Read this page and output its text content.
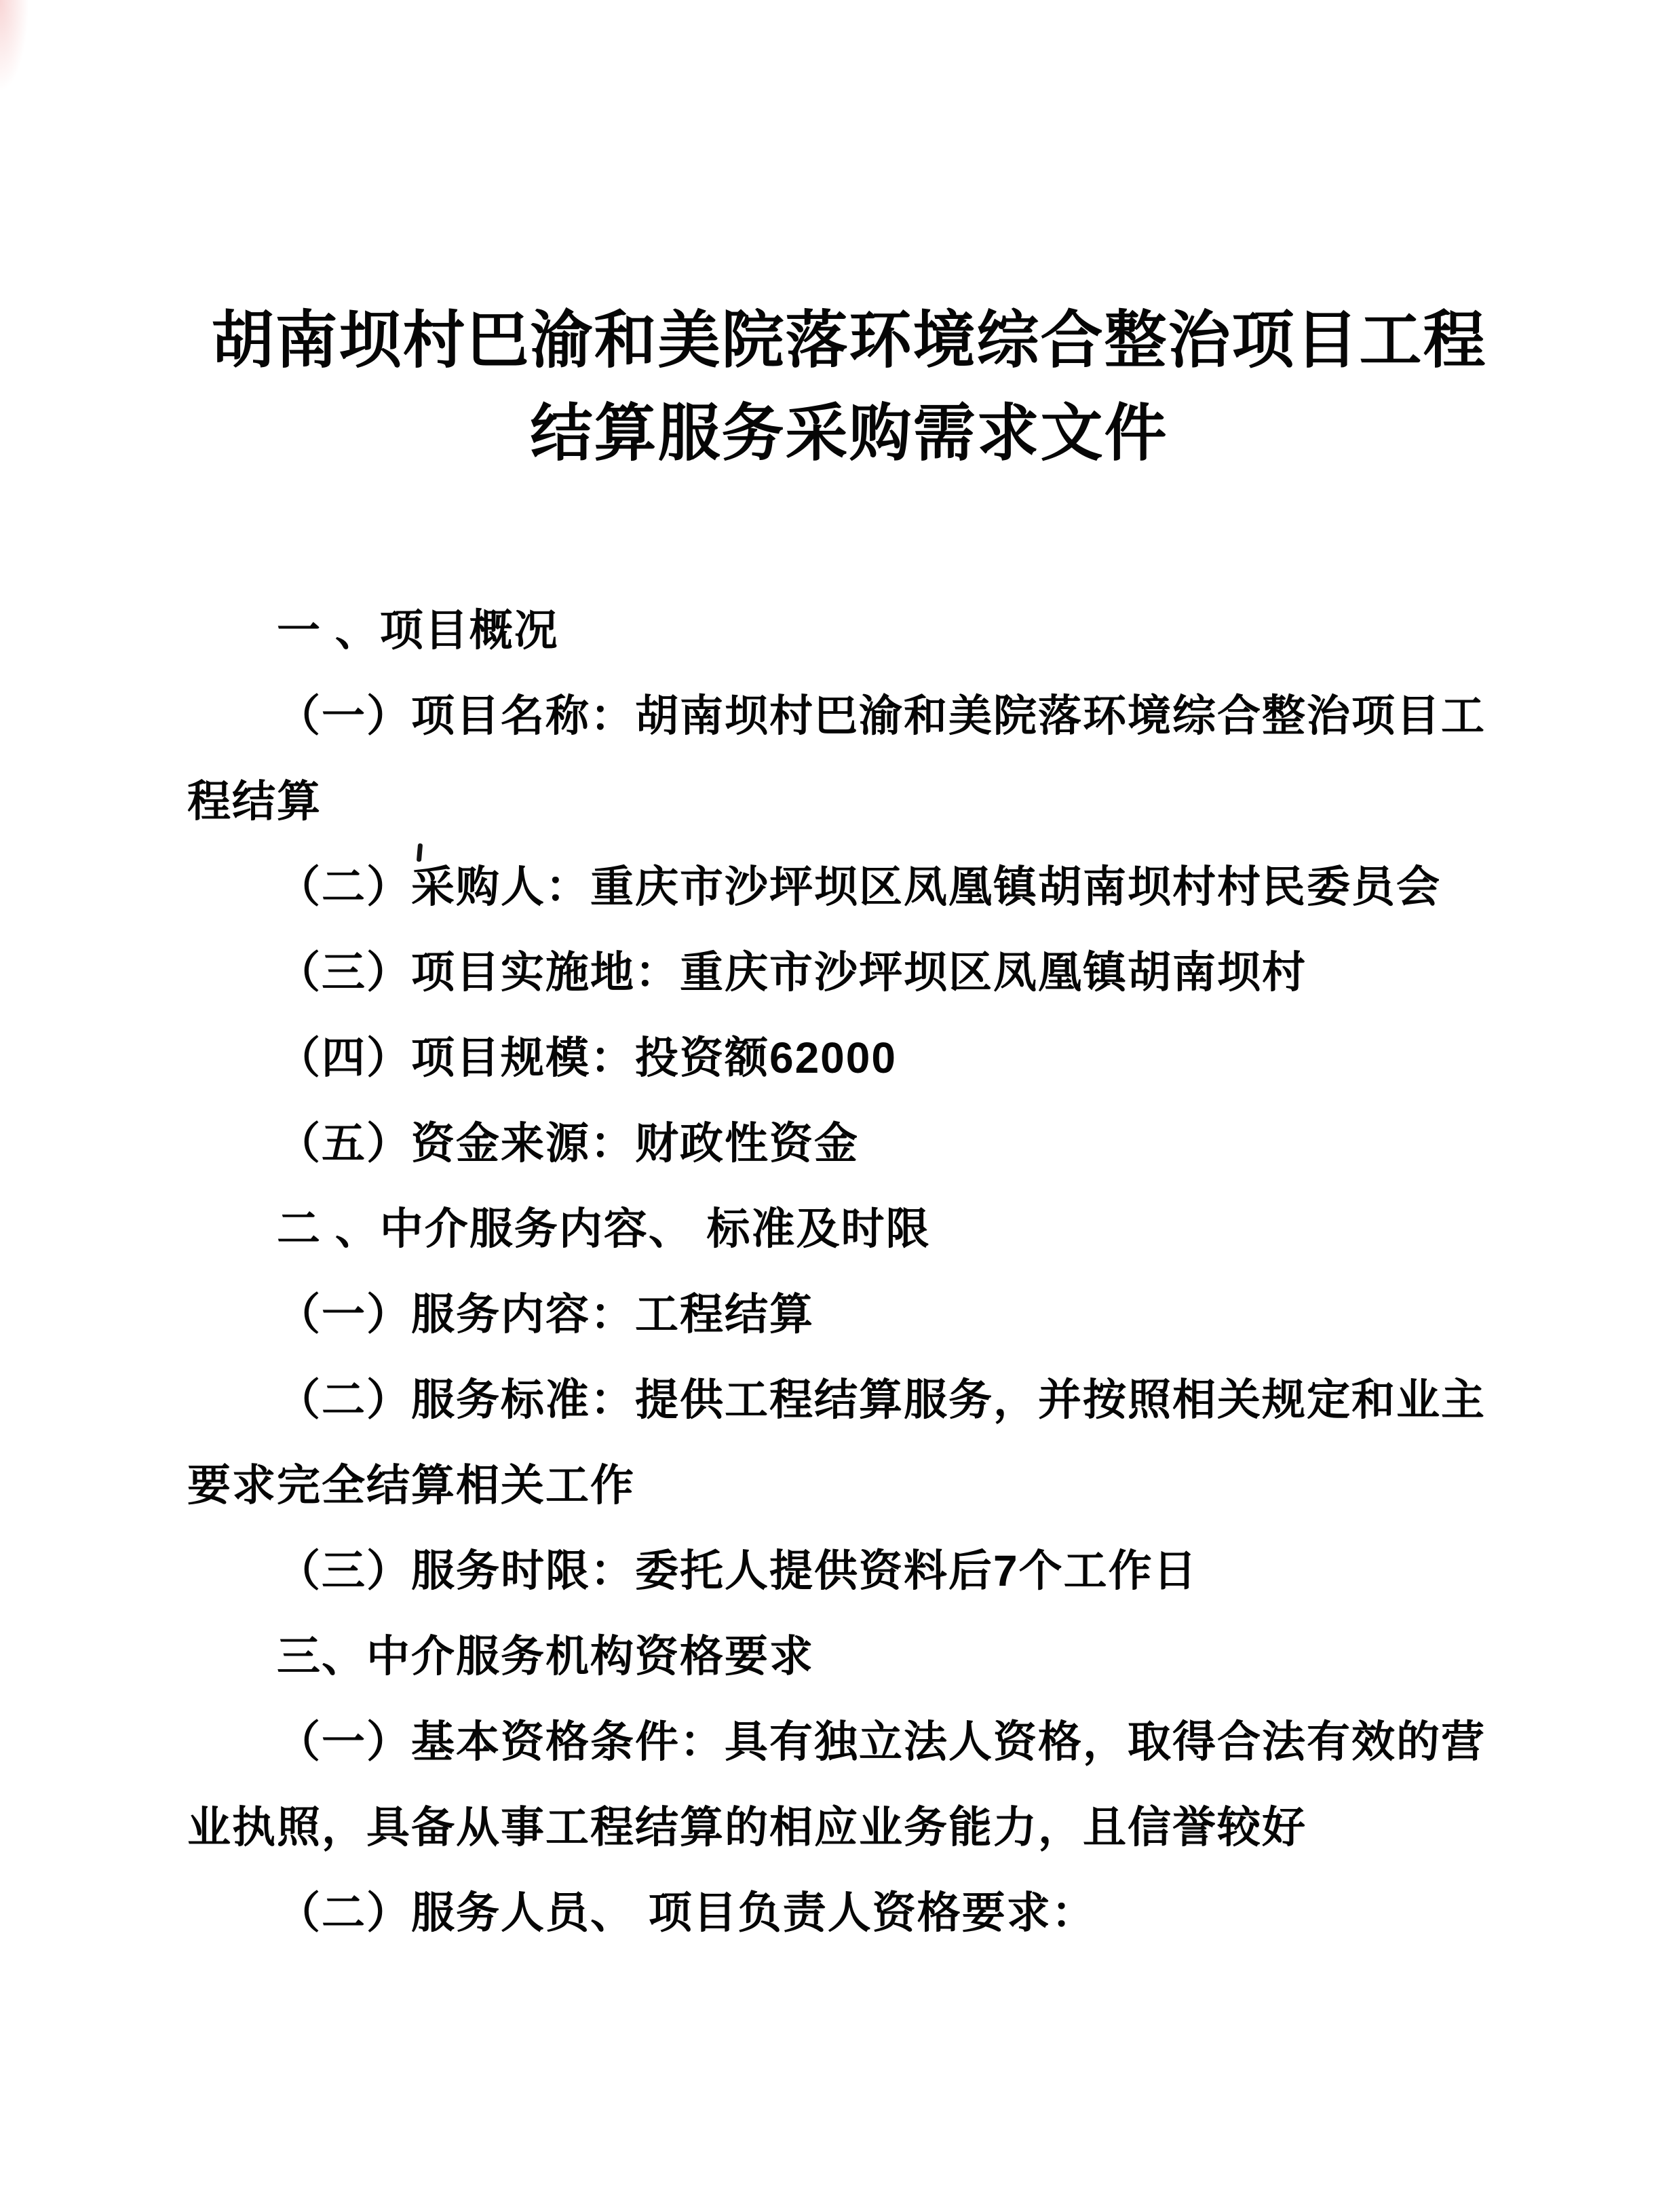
胡南坝村巴渝和美院落环境综合整治项目工程
结算服务采购需求文件
一 、项目概况
（一）项目名称：胡南坝村巴渝和美院落环境综合整治项目工
程结算
（二）采购人：重庆市沙坪坝区凤凰镇胡南坝村村民委员会
（三）项目实施地：重庆市沙坪坝区凤凰镇胡南坝村
（四）项目规模：投资额62000
（五）资金来源：财政性资金
二 、中介服务内容、 标准及时限
（一）服务内容：工程结算
（二）服务标准：提供工程结算服务，并按照相关规定和业主
要求完全结算相关工作
（三）服务时限：委托人提供资料后7个工作日
三、中介服务机构资格要求
（一）基本资格条件：具有独立法人资格，取得合法有效的营
业执照，具备从事工程结算的相应业务能力，且信誉较好
（二）服务人员、 项目负责人资格要求：
